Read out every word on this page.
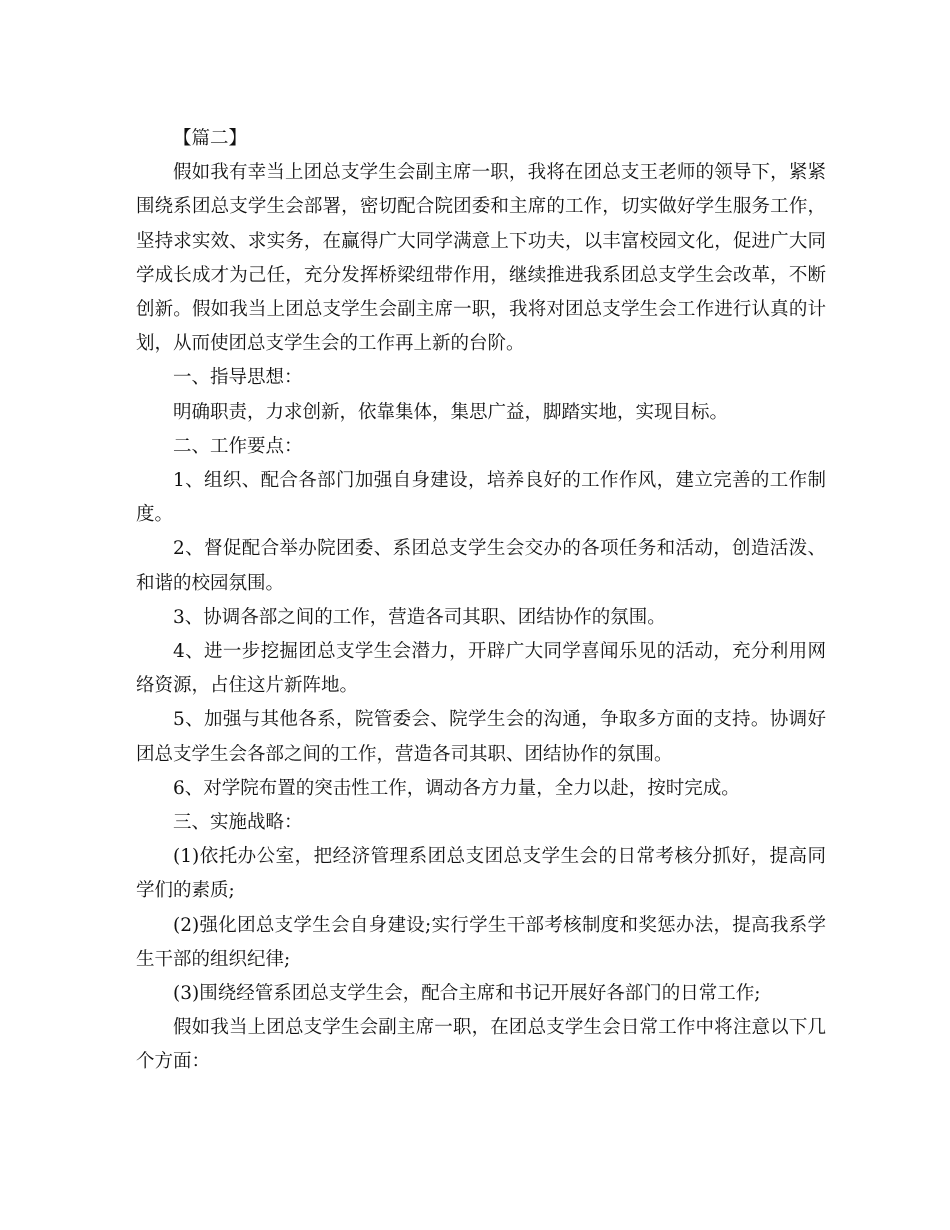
【篇二】

假如我有幸当上团总支学生会副主席一职，我将在团总支王老师的领导下，紧紧围绕系团总支学生会部署，密切配合院团委和主席的工作，切实做好学生服务工作，坚持求实效、求实务，在赢得广大同学满意上下功夫，以丰富校园文化，促进广大同学成长成才为己任，充分发挥桥梁纽带作用，继续推进我系团总支学生会改革，不断创新。假如我当上团总支学生会副主席一职，我将对团总支学生会工作进行认真的计划，从而使团总支学生会的工作再上新的台阶。

一、指导思想：

明确职责，力求创新，依靠集体，集思广益，脚踏实地，实现目标。

二、工作要点：

1、组织、配合各部门加强自身建设，培养良好的工作作风，建立完善的工作制度。

2、督促配合举办院团委、系团总支学生会交办的各项任务和活动，创造活泼、和谐的校园氛围。

3、协调各部之间的工作，营造各司其职、团结协作的氛围。

4、进一步挖掘团总支学生会潜力，开辟广大同学喜闻乐见的活动，充分利用网络资源，占住这片新阵地。

5、加强与其他各系，院管委会、院学生会的沟通，争取多方面的支持。协调好团总支学生会各部之间的工作，营造各司其职、团结协作的氛围。

6、对学院布置的突击性工作，调动各方力量，全力以赴，按时完成。

三、实施战略：

(1)依托办公室，把经济管理系团总支团总支学生会的日常考核分抓好，提高同学们的素质;

(2)强化团总支学生会自身建设;实行学生干部考核制度和奖惩办法，提高我系学生干部的组织纪律;

(3)围绕经管系团总支学生会，配合主席和书记开展好各部门的日常工作;

假如我当上团总支学生会副主席一职，在团总支学生会日常工作中将注意以下几个方面：
